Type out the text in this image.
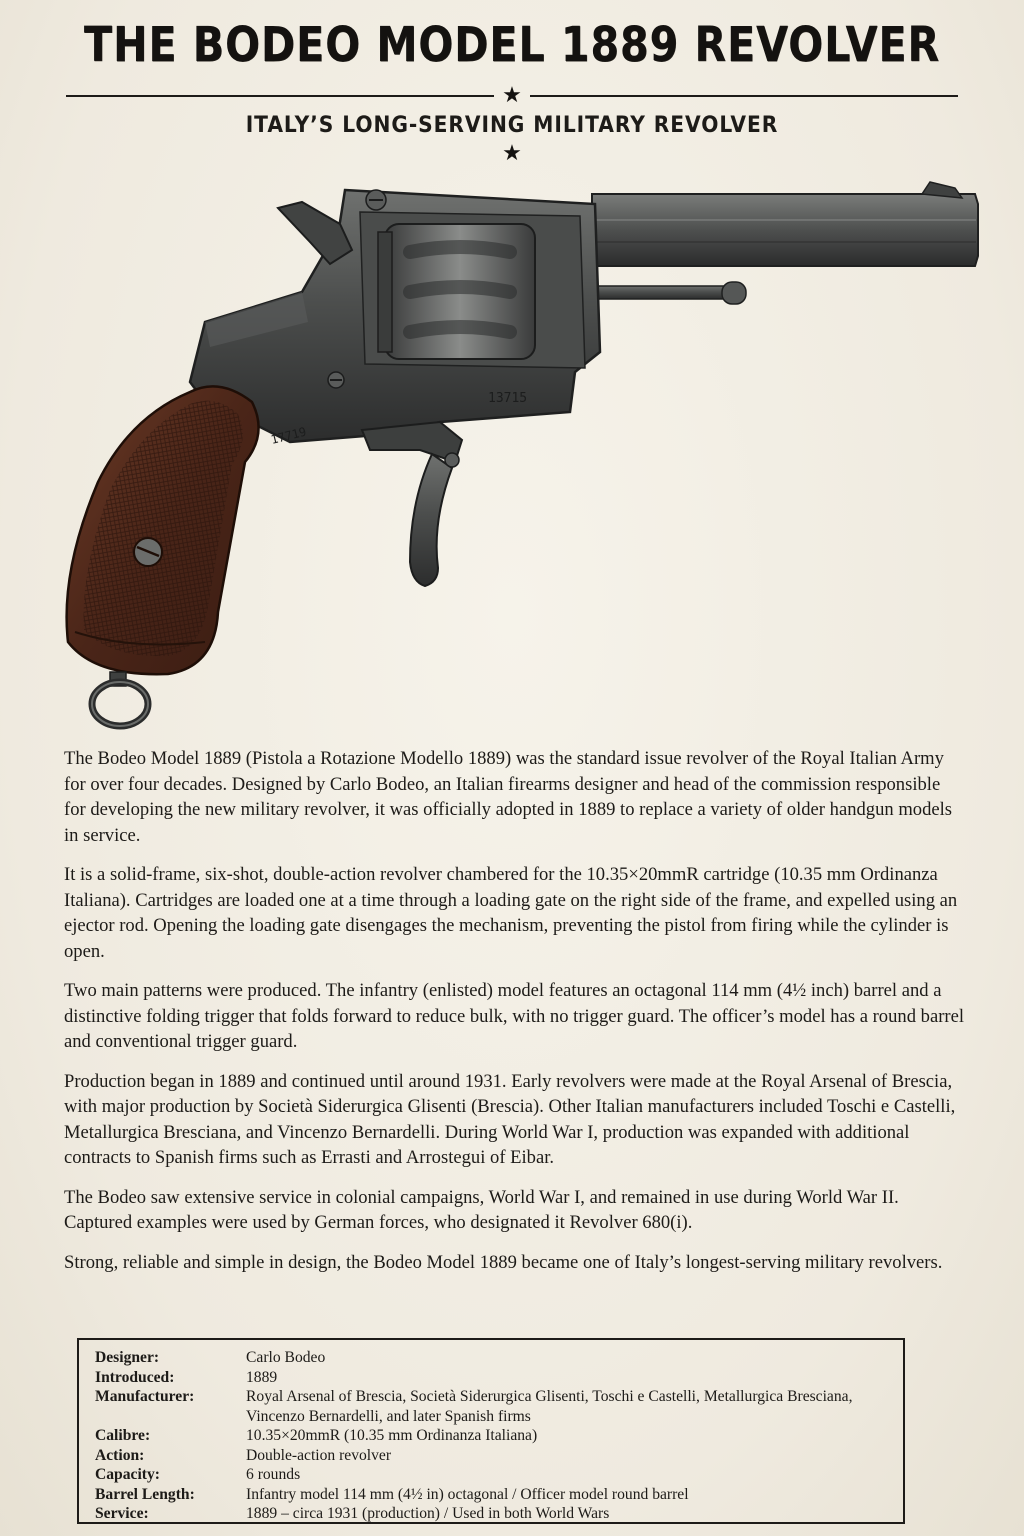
THE BODEO MODEL 1889 REVOLVER
★
ITALY’S LONG-SERVING MILITARY REVOLVER
★
13715
17719

The Bodeo Model 1889 (Pistola a Rotazione Modello 1889) was the standard issue revolver of the Royal Italian Army for over four decades. Designed by Carlo Bodeo, an Italian firearms designer and head of the commission responsible for developing the new military revolver, it was officially adopted in 1889 to replace a variety of older handgun models in service.

It is a solid-frame, six-shot, double-action revolver chambered for the 10.35×20mmR cartridge (10.35 mm Ordinanza Italiana). Cartridges are loaded one at a time through a loading gate on the right side of the frame, and expelled using an ejector rod. Opening the loading gate disengages the mechanism, preventing the pistol from firing while the cylinder is open.

Two main patterns were produced. The infantry (enlisted) model features an octagonal 114 mm (4½ inch) barrel and a distinctive folding trigger that folds forward to reduce bulk, with no trigger guard. The officer’s model has a round barrel and conventional trigger guard.

Production began in 1889 and continued until around 1931. Early revolvers were made at the Royal Arsenal of Brescia, with major production by Società Siderurgica Glisenti (Brescia). Other Italian manufacturers included Toschi e Castelli, Metallurgica Bresciana, and Vincenzo Bernardelli. During World War I, production was expanded with additional contracts to Spanish firms such as Errasti and Arrostegui of Eibar.

The Bodeo saw extensive service in colonial campaigns, World War I, and remained in use during World War II. Captured examples were used by German forces, who designated it Revolver 680(i).

Strong, reliable and simple in design, the Bodeo Model 1889 became one of Italy’s longest-serving military revolvers.

Designer:	Carlo Bodeo
Introduced:	1889
Manufacturer:	Royal Arsenal of Brescia, Società Siderurgica Glisenti, Toschi e Castelli, Metallurgica Bresciana, Vincenzo Bernardelli, and later Spanish firms
Calibre:	10.35×20mmR (10.35 mm Ordinanza Italiana)
Action:	Double-action revolver
Capacity:	6 rounds
Barrel Length:	Infantry model 114 mm (4½ in) octagonal / Officer model round barrel
Service:	1889 – circa 1931 (production) / Used in both World Wars
